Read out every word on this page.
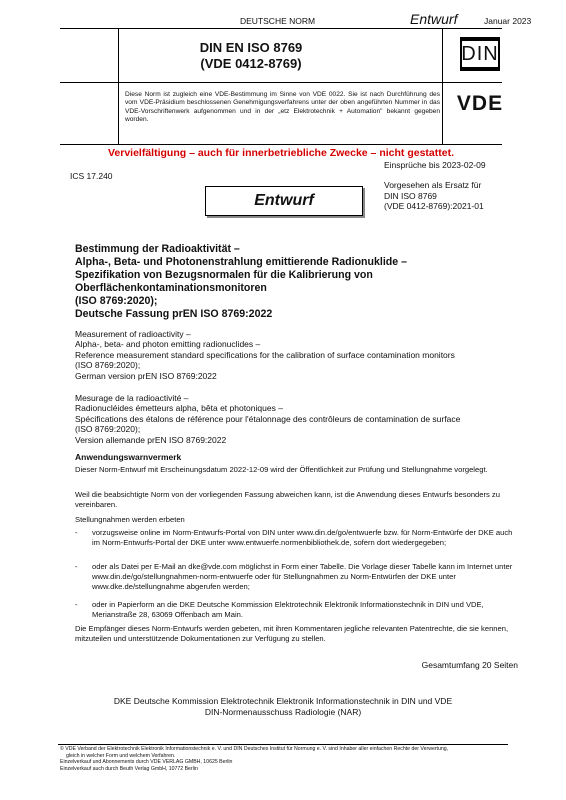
DEUTSCHE NORM	Entwurf	Januar 2023
DIN EN ISO 8769
(VDE 0412-8769)	DIN
Diese Norm ist zugleich eine VDE-Bestimmung im Sinne von VDE 0022. Sie ist nach Durchführung des vom VDE-Präsidium beschlossenen Genehmigungsverfahrens unter der oben angeführten Nummer in das VDE-Vorschriftenwerk aufgenommen und in der „etz Elektrotechnik + Automation" bekannt gegeben worden.
VDE
Vervielfältigung – auch für innerbetriebliche Zwecke – nicht gestattet.
Einsprüche bis 2023-02-09
ICS 17.240
Vorgesehen als Ersatz für
DIN ISO 8769
(VDE 0412-8769):2021-01
Entwurf
Bestimmung der Radioaktivität –
Alpha-, Beta- und Photonenstrahlung emittierende Radionuklide –
Spezifikation von Bezugsnormalen für die Kalibrierung von
Oberflächenkontaminationsmonitoren
(ISO 8769:2020);
Deutsche Fassung prEN ISO 8769:2022
Measurement of radioactivity –
Alpha-, beta- and photon emitting radionuclides –
Reference measurement standard specifications for the calibration of surface contamination monitors
(ISO 8769:2020);
German version prEN ISO 8769:2022
Mesurage de la radioactivité –
Radionucléides émetteurs alpha, bêta et photoniques –
Spécifications des étalons de référence pour l'étalonnage des contrôleurs de contamination de surface
(ISO 8769:2020);
Version allemande prEN ISO 8769:2022
Anwendungswarnvermerk
Dieser Norm-Entwurf mit Erscheinungsdatum 2022-12-09 wird der Öffentlichkeit zur Prüfung und Stellungnahme vorgelegt.
Weil die beabsichtigte Norm von der vorliegenden Fassung abweichen kann, ist die Anwendung dieses Entwurfs besonders zu vereinbaren.
Stellungnahmen werden erbeten
- vorzugsweise online im Norm-Entwurfs-Portal von DIN unter www.din.de/go/entwuerfe bzw. für Norm-Entwürfe der DKE auch im Norm-Entwurfs-Portal der DKE unter www.entwuerfe.normenbibliothek.de, sofern dort wiedergegeben;
- oder als Datei per E-Mail an dke@vde.com möglichst in Form einer Tabelle. Die Vorlage dieser Tabelle kann im Internet unter www.din.de/go/stellungnahmen-norm-entwuerfe oder für Stellungnahmen zu Norm-Entwürfen der DKE unter www.dke.de/stellungnahme abgerufen werden;
- oder in Papierform an die DKE Deutsche Kommission Elektrotechnik Elektronik Informationstechnik in DIN und VDE, Merianstraße 28, 63069 Offenbach am Main.
Die Empfänger dieses Norm-Entwurfs werden gebeten, mit ihren Kommentaren jegliche relevanten Patentrechte, die sie kennen, mitzuteilen und unterstützende Dokumentationen zur Verfügung zu stellen.
Gesamtumfang 20 Seiten
DKE Deutsche Kommission Elektrotechnik Elektronik Informationstechnik in DIN und VDE
DIN-Normenausschuss Radiologie (NAR)
© VDE Verband der Elektrotechnik Elektronik Informationstechnik e. V. und DIN Deutsches Institut für Normung e. V. sind Inhaber aller einfachen Rechte der Verwertung,
gleich in welcher Form und welchem Verfahren.
Einzelverkauf und Abonnements durch VDE VERLAG GMBH, 10625 Berlin
Einzelverkauf auch durch Beuth Verlag GmbH, 10772 Berlin
